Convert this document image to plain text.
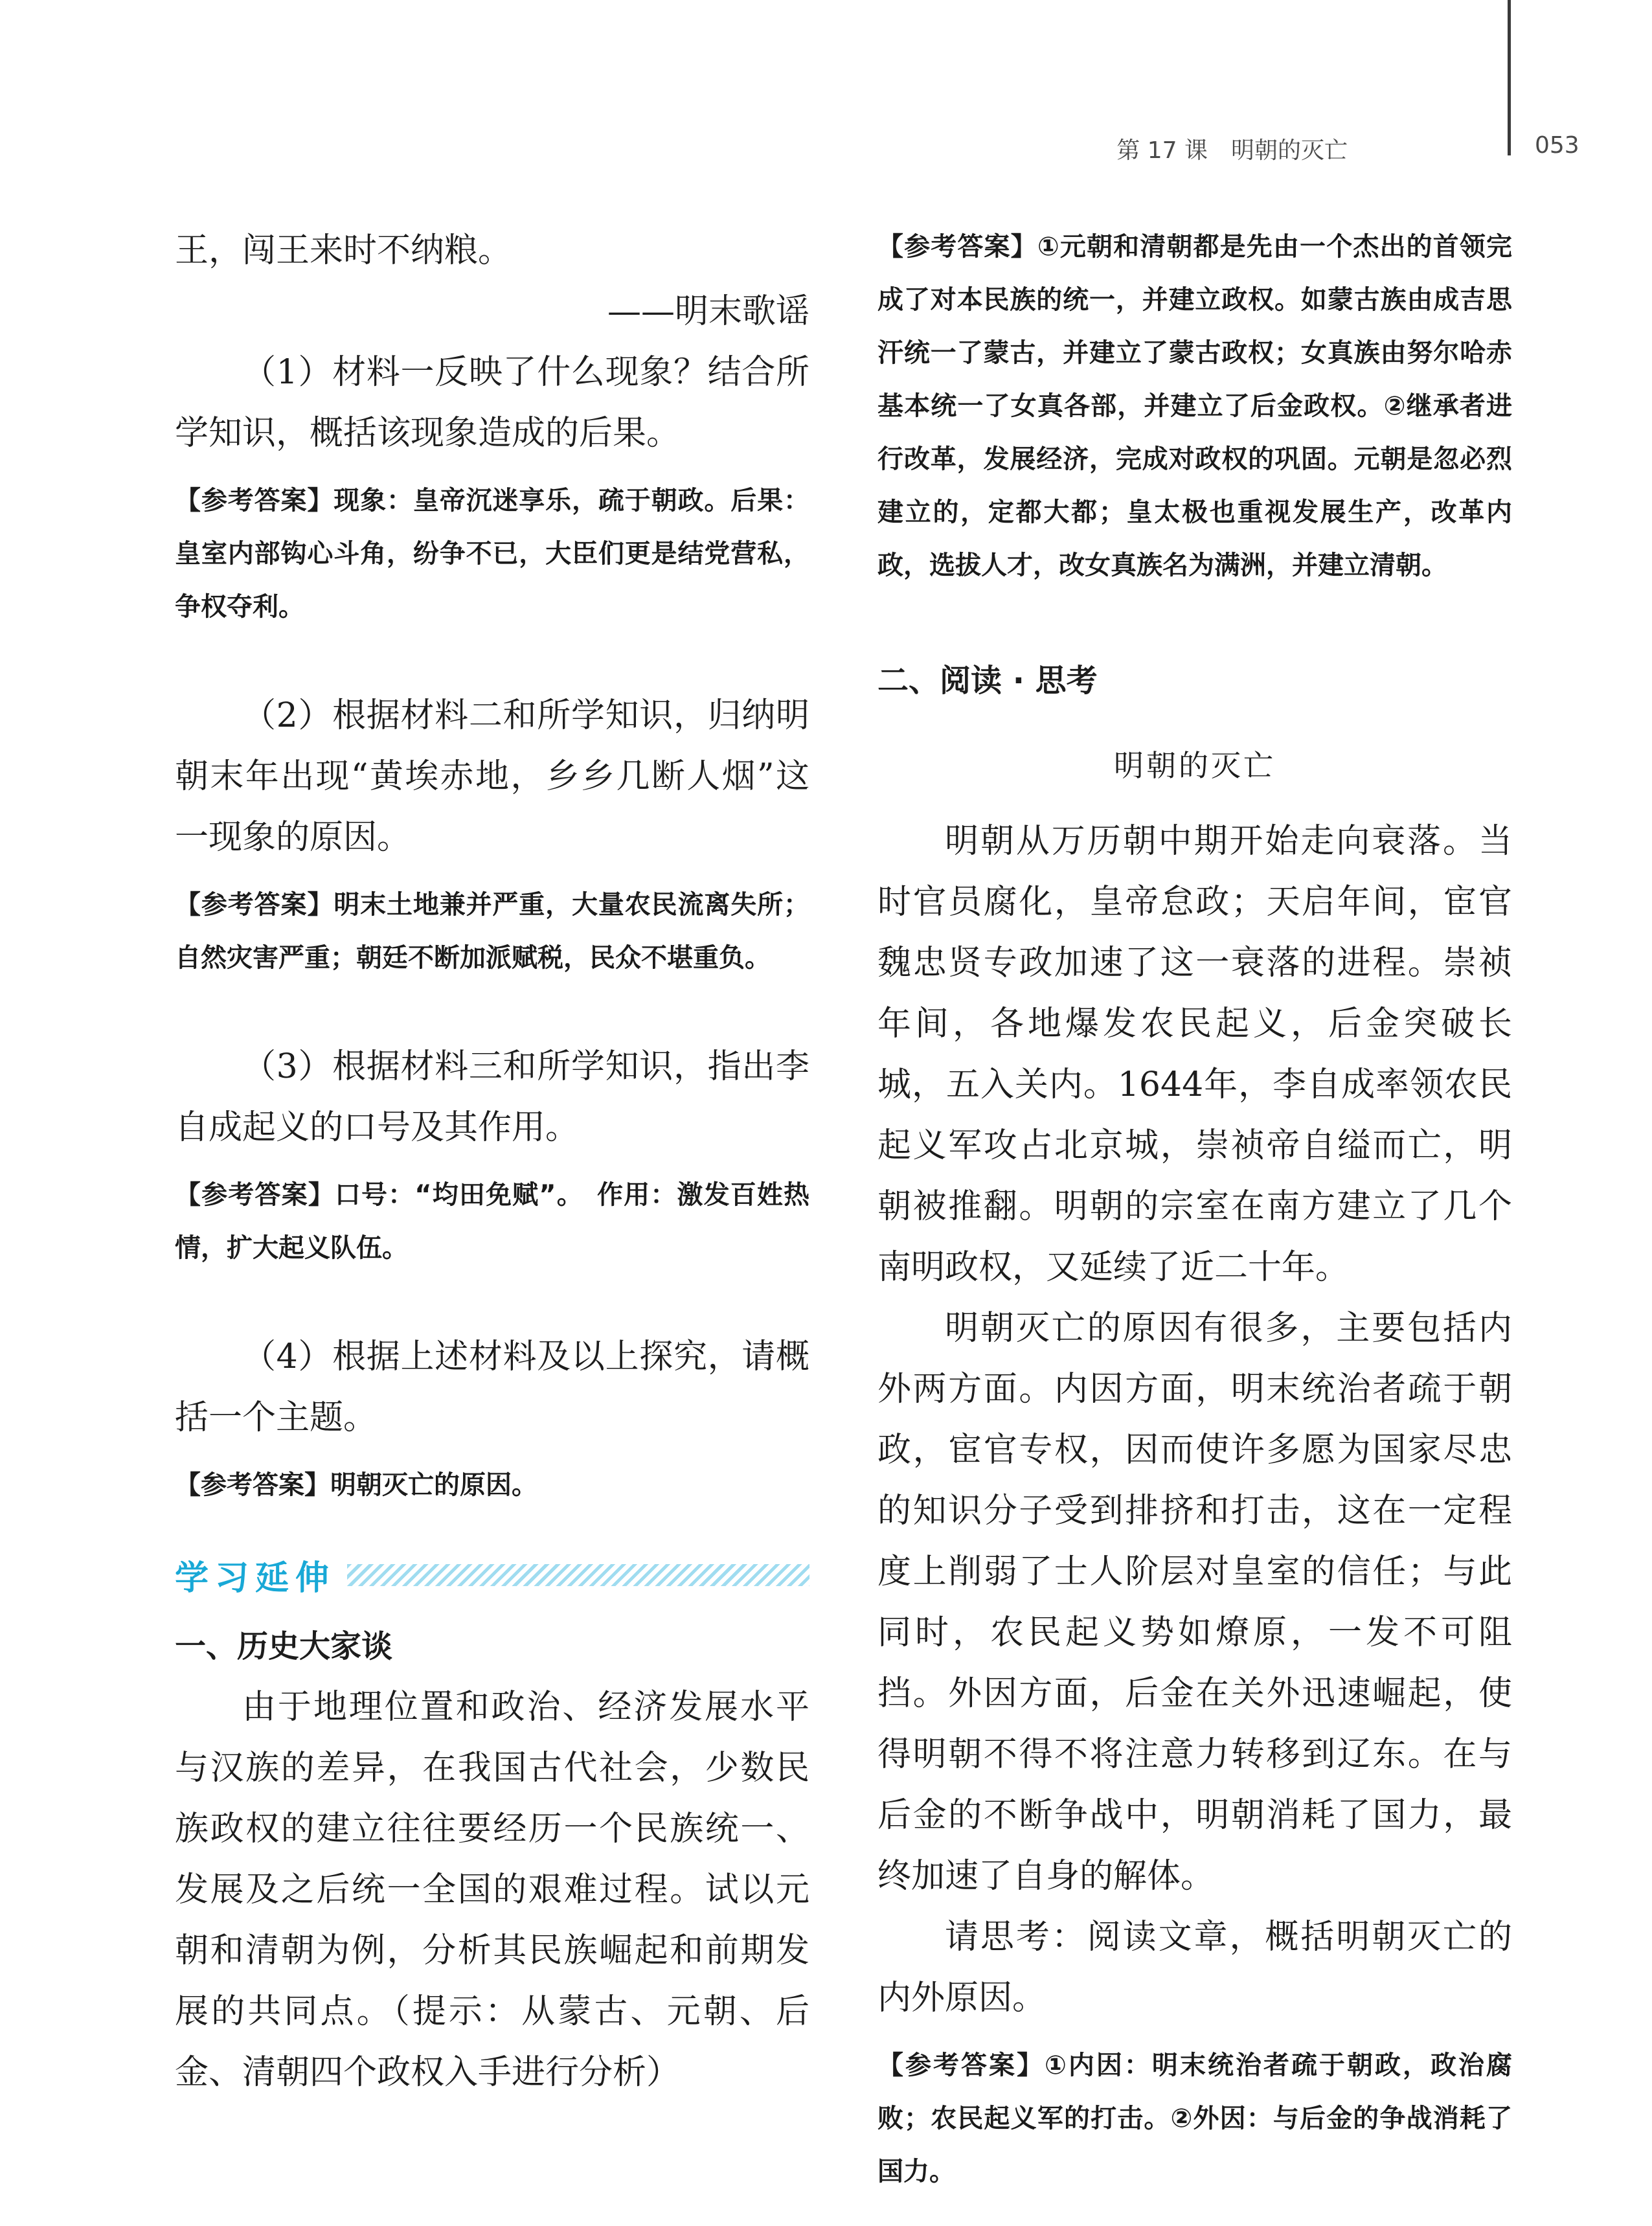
第 17 课 明朝的灭亡	053

王，闯王来时不纳粮。

——明末歌谣

（1）材料一反映了什么现象？结合所学知识，概括该现象造成的后果。

【参考答案】现象：皇帝沉迷享乐，疏于朝政。后果：皇室内部钩心斗角，纷争不已，大臣们更是结党营私，争权夺利。

（2）根据材料二和所学知识，归纳明朝末年出现“黄埃赤地，乡乡几断人烟”这一现象的原因。

【参考答案】明末土地兼并严重，大量农民流离失所；自然灾害严重；朝廷不断加派赋税，民众不堪重负。

（3）根据材料三和所学知识，指出李自成起义的口号及其作用。

【参考答案】口号：“均田免赋”。　作用：激发百姓热情，扩大起义队伍。

（4）根据上述材料及以上探究，请概括一个主题。

【参考答案】明朝灭亡的原因。

学习延伸

一、历史大家谈

由于地理位置和政治、经济发展水平与汉族的差异，在我国古代社会，少数民族政权的建立往往要经历一个民族统一、发展及之后统一全国的艰难过程。试以元朝和清朝为例，分析其民族崛起和前期发展的共同点。（提示：从蒙古、元朝、后金、清朝四个政权入手进行分析）

【参考答案】①元朝和清朝都是先由一个杰出的首领完成了对本民族的统一，并建立政权。如蒙古族由成吉思汗统一了蒙古，并建立了蒙古政权；女真族由努尔哈赤基本统一了女真各部，并建立了后金政权。②继承者进行改革，发展经济，完成对政权的巩固。元朝是忽必烈建立的，定都大都；皇太极也重视发展生产，改革内政，选拔人才，改女真族名为满洲，并建立清朝。

二、阅读 · 思考

明朝的灭亡

明朝从万历朝中期开始走向衰落。当时官员腐化，皇帝怠政；天启年间，宦官魏忠贤专政加速了这一衰落的进程。崇祯年间，各地爆发农民起义，后金突破长城，五入关内。1644年，李自成率领农民起义军攻占北京城，崇祯帝自缢而亡，明朝被推翻。明朝的宗室在南方建立了几个南明政权，又延续了近二十年。

明朝灭亡的原因有很多，主要包括内外两方面。内因方面，明末统治者疏于朝政，宦官专权，因而使许多愿为国家尽忠的知识分子受到排挤和打击，这在一定程度上削弱了士人阶层对皇室的信任；与此同时，农民起义势如燎原，一发不可阻挡。外因方面，后金在关外迅速崛起，使得明朝不得不将注意力转移到辽东。在与后金的不断争战中，明朝消耗了国力，最终加速了自身的解体。

请思考：阅读文章，概括明朝灭亡的内外原因。

【参考答案】①内因：明末统治者疏于朝政，政治腐败；农民起义军的打击。②外因：与后金的争战消耗了国力。
